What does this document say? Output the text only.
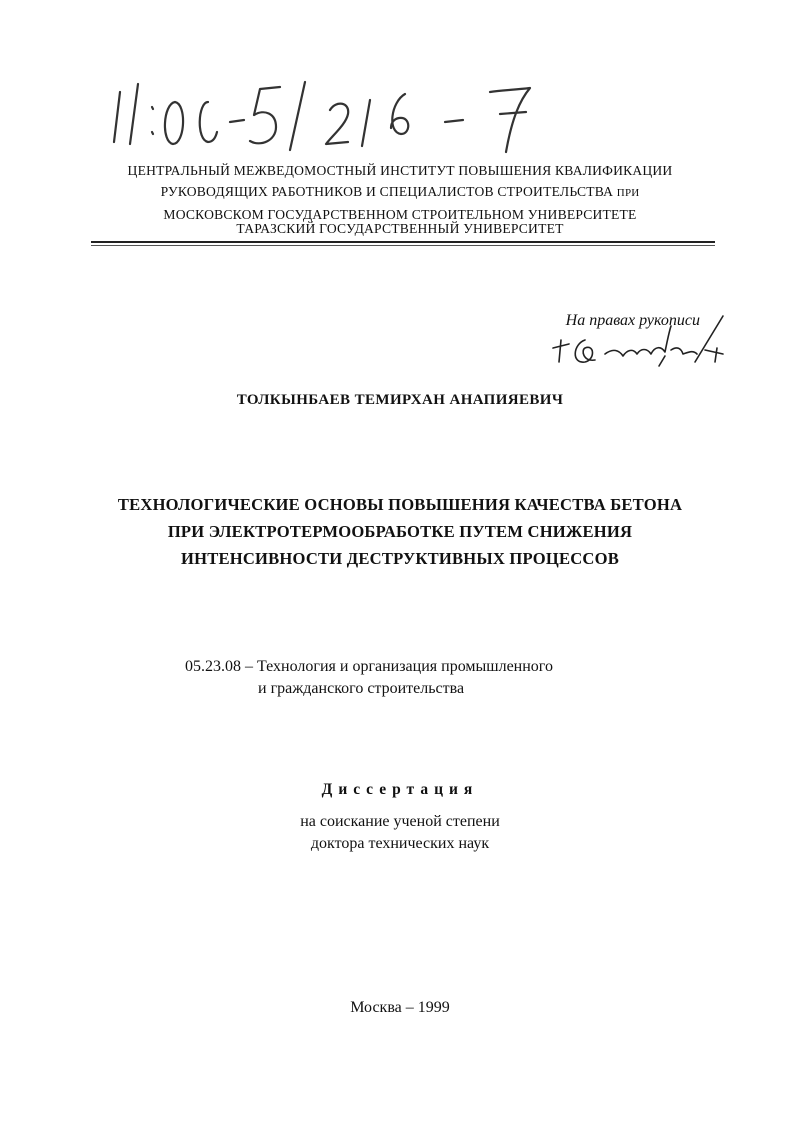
ЦЕНТРАЛЬНЫЙ МЕЖВЕДОМОСТНЫЙ ИНСТИТУТ ПОВЫШЕНИЯ КВАЛИФИКАЦИИ
РУКОВОДЯЩИХ РАБОТНИКОВ И СПЕЦИАЛИСТОВ СТРОИТЕЛЬСТВА ПРИ
МОСКОВСКОМ ГОСУДАРСТВЕННОМ СТРОИТЕЛЬНОМ УНИВЕРСИТЕТЕ
ТАРАЗСКИЙ ГОСУДАРСТВЕННЫЙ УНИВЕРСИТЕТ
На правах рукописи
ТОЛКЫНБАЕВ ТЕМИРХАН АНАПИЯЕВИЧ
ТЕХНОЛОГИЧЕСКИЕ ОСНОВЫ ПОВЫШЕНИЯ КАЧЕСТВА БЕТОНА
ПРИ ЭЛЕКТРОТЕРМООБРАБОТКЕ ПУТЕМ СНИЖЕНИЯ
ИНТЕНСИВНОСТИ ДЕСТРУКТИВНЫХ ПРОЦЕССОВ
05.23.08 – Технология и организация промышленного
и гражданского строительства
Диссертация
на соискание ученой степени
доктора технических наук
Москва – 1999
